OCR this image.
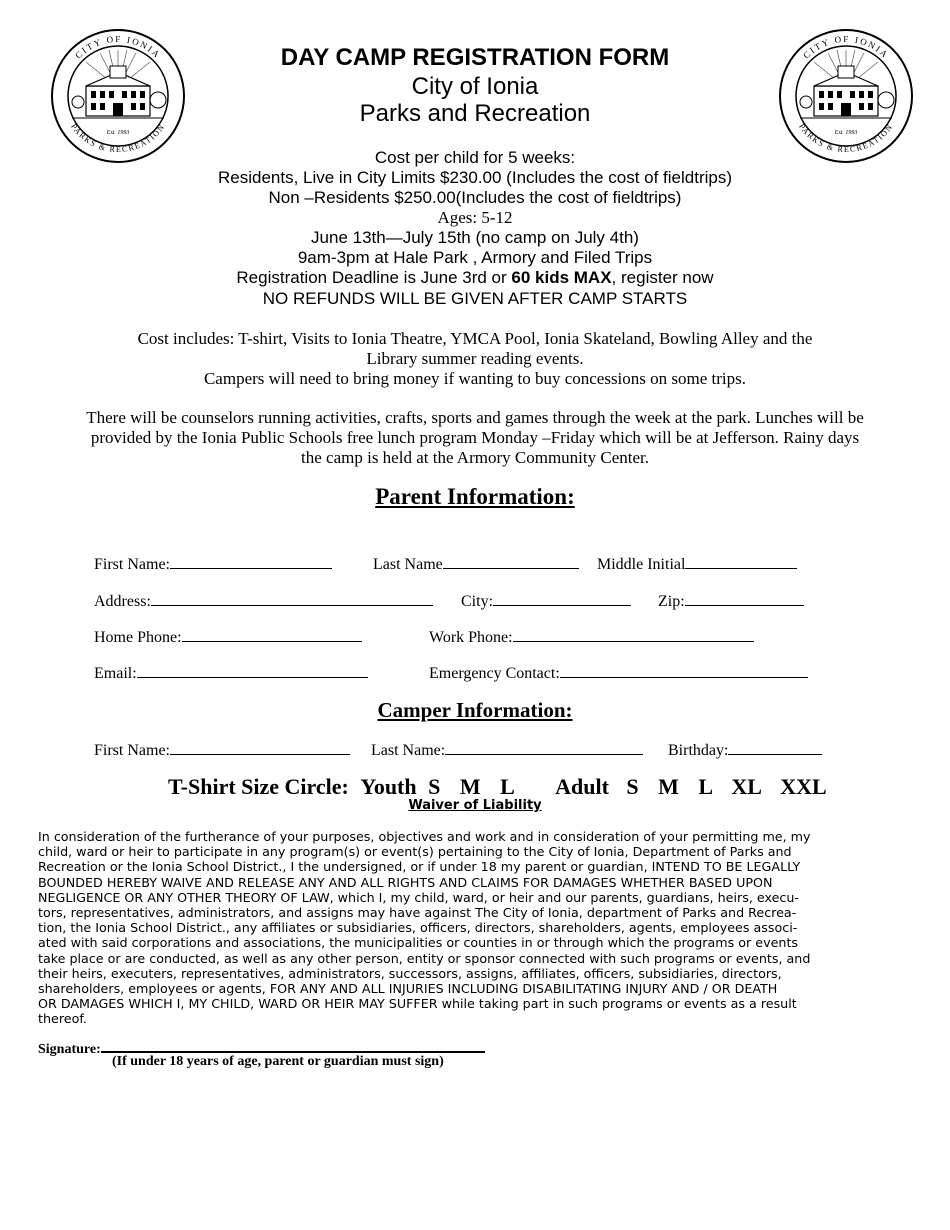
Est. 1993
CITY OF IONIA
PARKS & RECREATION	Est. 1993
CITY OF IONIA
PARKS & RECREATION
DAY CAMP REGISTRATION FORM
City of Ionia
Parks and Recreation
Cost per child for 5 weeks:
Residents, Live in City Limits $230.00 (Includes the cost of fieldtrips)
Non –Residents $250.00(Includes the cost of fieldtrips)
Ages: 5-12
June 13th—July 15th (no camp on July 4th)
9am-3pm at Hale Park , Armory and Filed Trips
Registration Deadline is June 3rd or 60 kids MAX, register now
NO REFUNDS WILL BE GIVEN AFTER CAMP STARTS
Cost includes: T-shirt, Visits to Ionia Theatre, YMCA Pool, Ionia Skateland, Bowling Alley and the
Library summer reading events.
Campers will need to bring money if wanting to buy concessions on some trips.
There will be counselors running activities, crafts, sports and games through the week at the park. Lunches will be
provided by the Ionia Public Schools free lunch program Monday –Friday which will be at Jefferson. Rainy days
the camp is held at the Armory Community Center.
Parent Information:
First Name:	Last Name	Middle Initial
Address:	City:	Zip:
Home Phone:	Work Phone:
Email:	Emergency Contact:
Camper Information:
First Name:	Last Name:	Birthday:
T-Shirt Size Circle: Youth S M L Adult S M L XL XXL
Waiver of Liability
In consideration of the furtherance of your purposes, objectives and work and in consideration of your permitting me, my
child, ward or heir to participate in any program(s) or event(s) pertaining to the City of Ionia, Department of Parks and
Recreation or the Ionia School District., I the undersigned, or if under 18 my parent or guardian, INTEND TO BE LEGALLY
BOUNDED HEREBY WAIVE AND RELEASE ANY AND ALL RIGHTS AND CLAIMS FOR DAMAGES WHETHER BASED UPON
NEGLIGENCE OR ANY OTHER THEORY OF LAW, which I, my child, ward, or heir and our parents, guardians, heirs, execu-
tors, representatives, administrators, and assigns may have against The City of Ionia, department of Parks and Recrea-
tion, the Ionia School District., any affiliates or subsidiaries, officers, directors, shareholders, agents, employees associ-
ated with said corporations and associations, the municipalities or counties in or through which the programs or events
take place or are conducted, as well as any other person, entity or sponsor connected with such programs or events, and
their heirs, executers, representatives, administrators, successors, assigns, affiliates, officers, subsidiaries, directors,
shareholders, employees or agents, FOR ANY AND ALL INJURIES INCLUDING DISABILITATING INJURY AND / OR DEATH
OR DAMAGES WHICH I, MY CHILD, WARD OR HEIR MAY SUFFER while taking part in such programs or events as a result
thereof.
Signature:
(If under 18 years of age, parent or guardian must sign)
